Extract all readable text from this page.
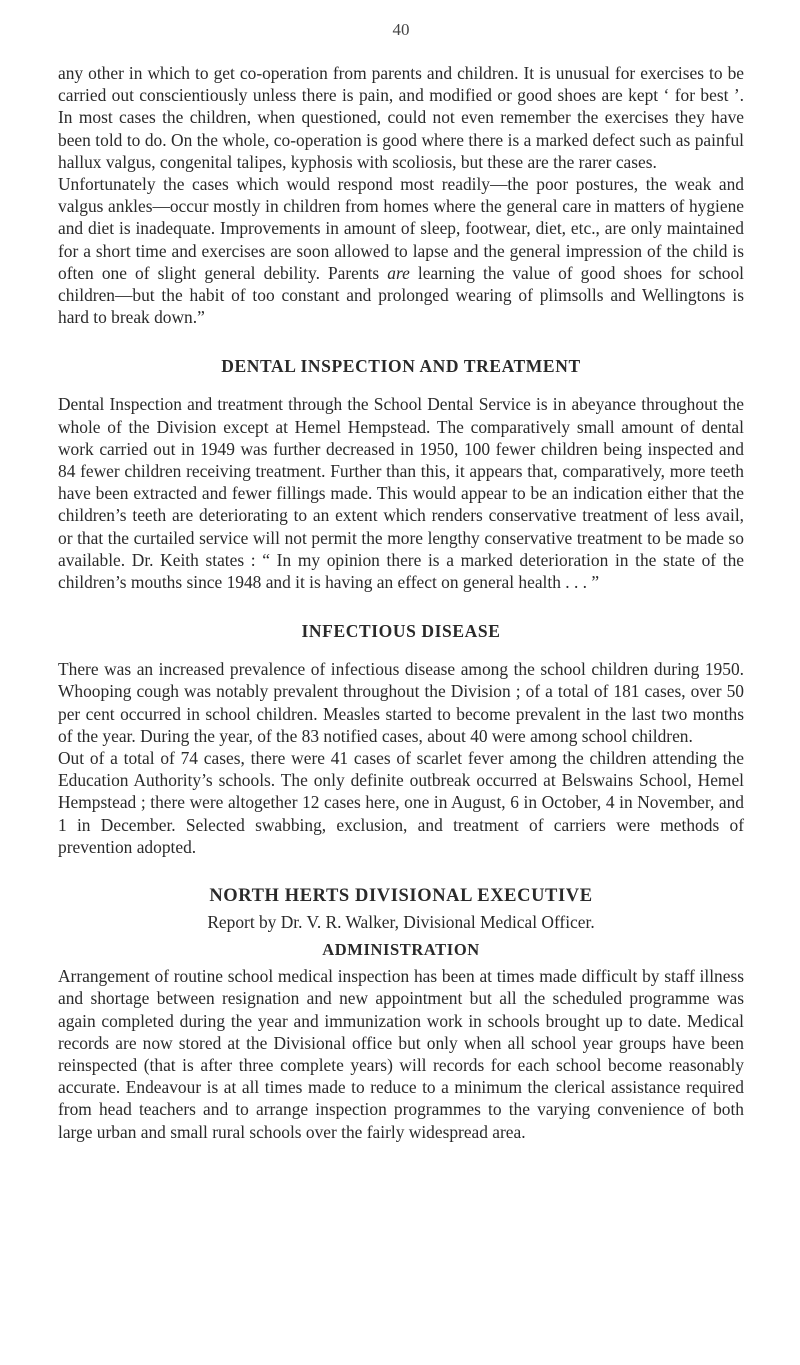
40

any other in which to get co-operation from parents and children. It is unusual for exercises to be carried out conscientiously unless there is pain, and modified or good shoes are kept ‘ for best ’. In most cases the children, when questioned, could not even remember the exercises they have been told to do. On the whole, co-operation is good where there is a marked defect such as painful hallux valgus, congenital talipes, kyphosis with scoliosis, but these are the rarer cases.

Unfortunately the cases which would respond most readily—the poor postures, the weak and valgus ankles—occur mostly in children from homes where the general care in matters of hygiene and diet is inadequate. Improvements in amount of sleep, footwear, diet, etc., are only maintained for a short time and exercises are soon allowed to lapse and the general impression of the child is often one of slight general debility. Parents are learning the value of good shoes for school children—but the habit of too constant and prolonged wearing of plimsolls and Wellingtons is hard to break down.”

DENTAL INSPECTION AND TREATMENT

Dental Inspection and treatment through the School Dental Service is in abeyance throughout the whole of the Division except at Hemel Hempstead. The comparatively small amount of dental work carried out in 1949 was further decreased in 1950, 100 fewer children being inspected and 84 fewer children receiving treatment. Further than this, it appears that, comparatively, more teeth have been extracted and fewer fillings made. This would appear to be an indication either that the children’s teeth are deteriorating to an extent which renders conservative treatment of less avail, or that the curtailed service will not permit the more lengthy conservative treatment to be made so available. Dr. Keith states : “ In my opinion there is a marked deterioration in the state of the children’s mouths since 1948 and it is having an effect on general health . . . ”

INFECTIOUS DISEASE

There was an increased prevalence of infectious disease among the school children during 1950. Whooping cough was notably prevalent throughout the Division ; of a total of 181 cases, over 50 per cent occurred in school children. Measles started to become prevalent in the last two months of the year. During the year, of the 83 notified cases, about 40 were among school children.

Out of a total of 74 cases, there were 41 cases of scarlet fever among the children attending the Education Authority’s schools. The only definite outbreak occurred at Belswains School, Hemel Hempstead ; there were altogether 12 cases here, one in August, 6 in October, 4 in November, and 1 in December. Selected swabbing, exclusion, and treatment of carriers were methods of prevention adopted.

NORTH HERTS DIVISIONAL EXECUTIVE
Report by Dr. V. R. Walker, Divisional Medical Officer.
ADMINISTRATION

Arrangement of routine school medical inspection has been at times made difficult by staff illness and shortage between resignation and new appointment but all the scheduled programme was again completed during the year and immunization work in schools brought up to date. Medical records are now stored at the Divisional office but only when all school year groups have been reinspected (that is after three complete years) will records for each school become reasonably accurate. Endeavour is at all times made to reduce to a minimum the clerical assistance required from head teachers and to arrange inspection programmes to the varying convenience of both large urban and small rural schools over the fairly widespread area.
